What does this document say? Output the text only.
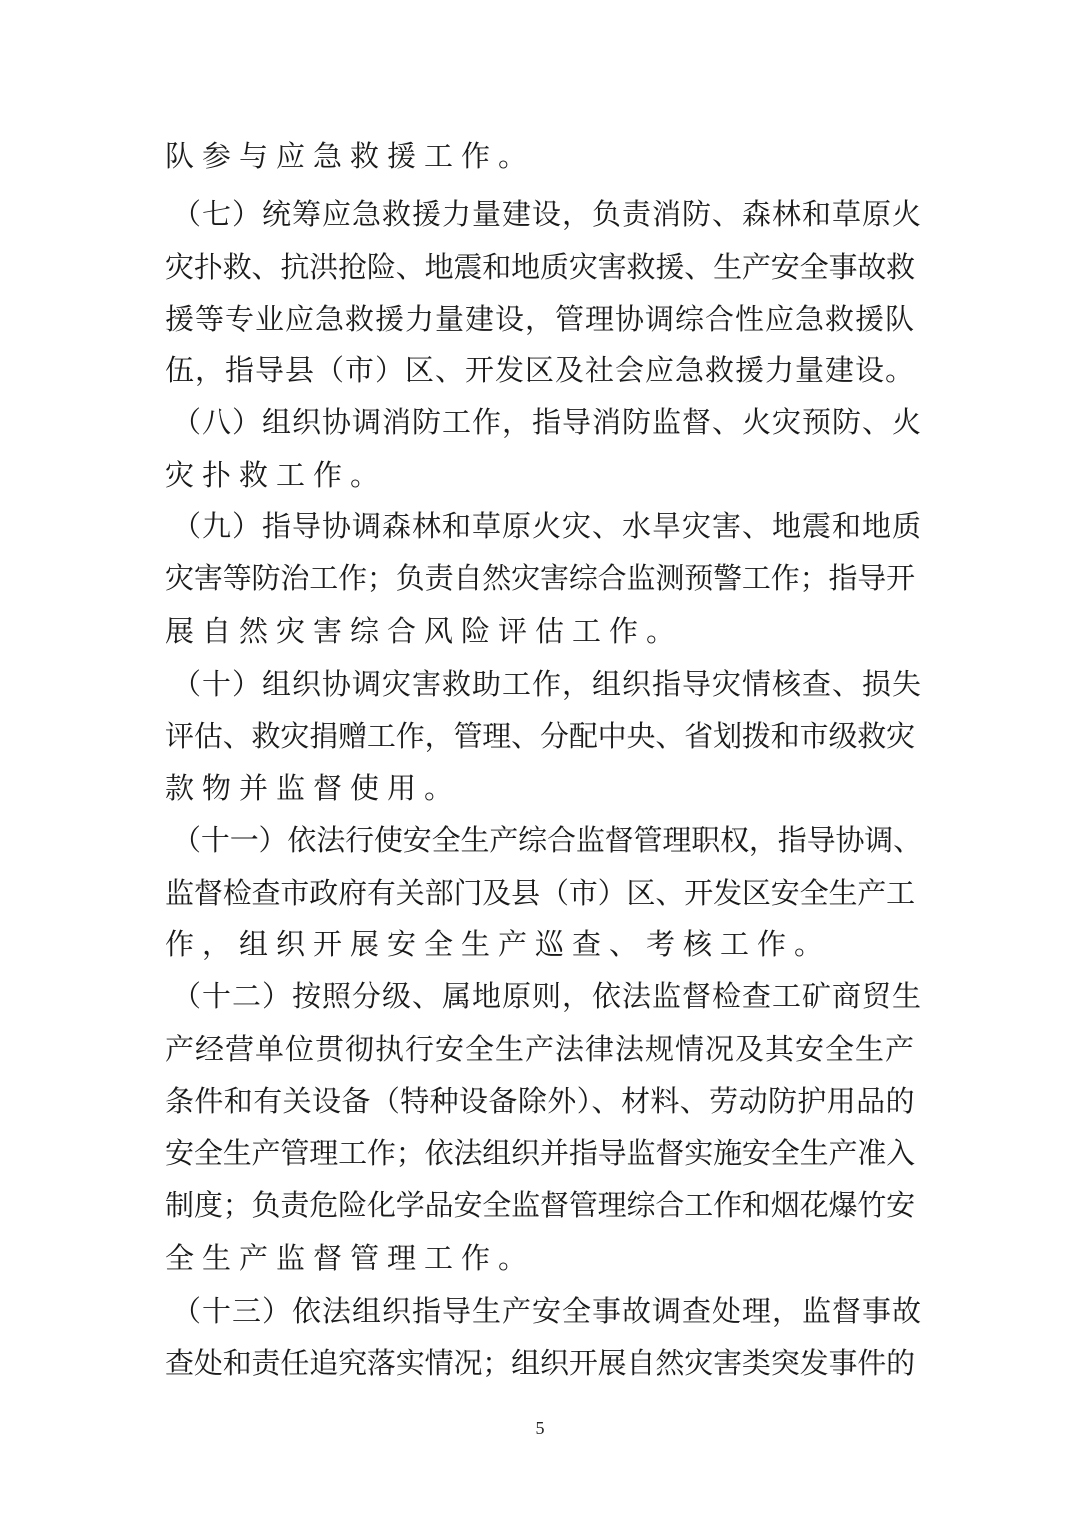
队参与应急救援工作。
（七）统筹应急救援力量建设，负责消防、森林和草原火
灾扑救、抗洪抢险、地震和地质灾害救援、生产安全事故救
援等专业应急救援力量建设，管理协调综合性应急救援队
伍，指导县（市）区、开发区及社会应急救援力量建设。
（八）组织协调消防工作，指导消防监督、火灾预防、火
灾扑救工作。
（九）指导协调森林和草原火灾、水旱灾害、地震和地质
灾害等防治工作；负责自然灾害综合监测预警工作；指导开
展自然灾害综合风险评估工作。
（十）组织协调灾害救助工作，组织指导灾情核查、损失
评估、救灾捐赠工作，管理、分配中央、省划拨和市级救灾
款物并监督使用。
（十一）依法行使安全生产综合监督管理职权，指导协调、
监督检查市政府有关部门及县（市）区、开发区安全生产工
作，组织开展安全生产巡查、考核工作。
（十二）按照分级、属地原则，依法监督检查工矿商贸生
产经营单位贯彻执行安全生产法律法规情况及其安全生产
条件和有关设备（特种设备除外）、材料、劳动防护用品的
安全生产管理工作；依法组织并指导监督实施安全生产准入
制度；负责危险化学品安全监督管理综合工作和烟花爆竹安
全生产监督管理工作。
（十三）依法组织指导生产安全事故调查处理，监督事故
查处和责任追究落实情况；组织开展自然灾害类突发事件的
5
